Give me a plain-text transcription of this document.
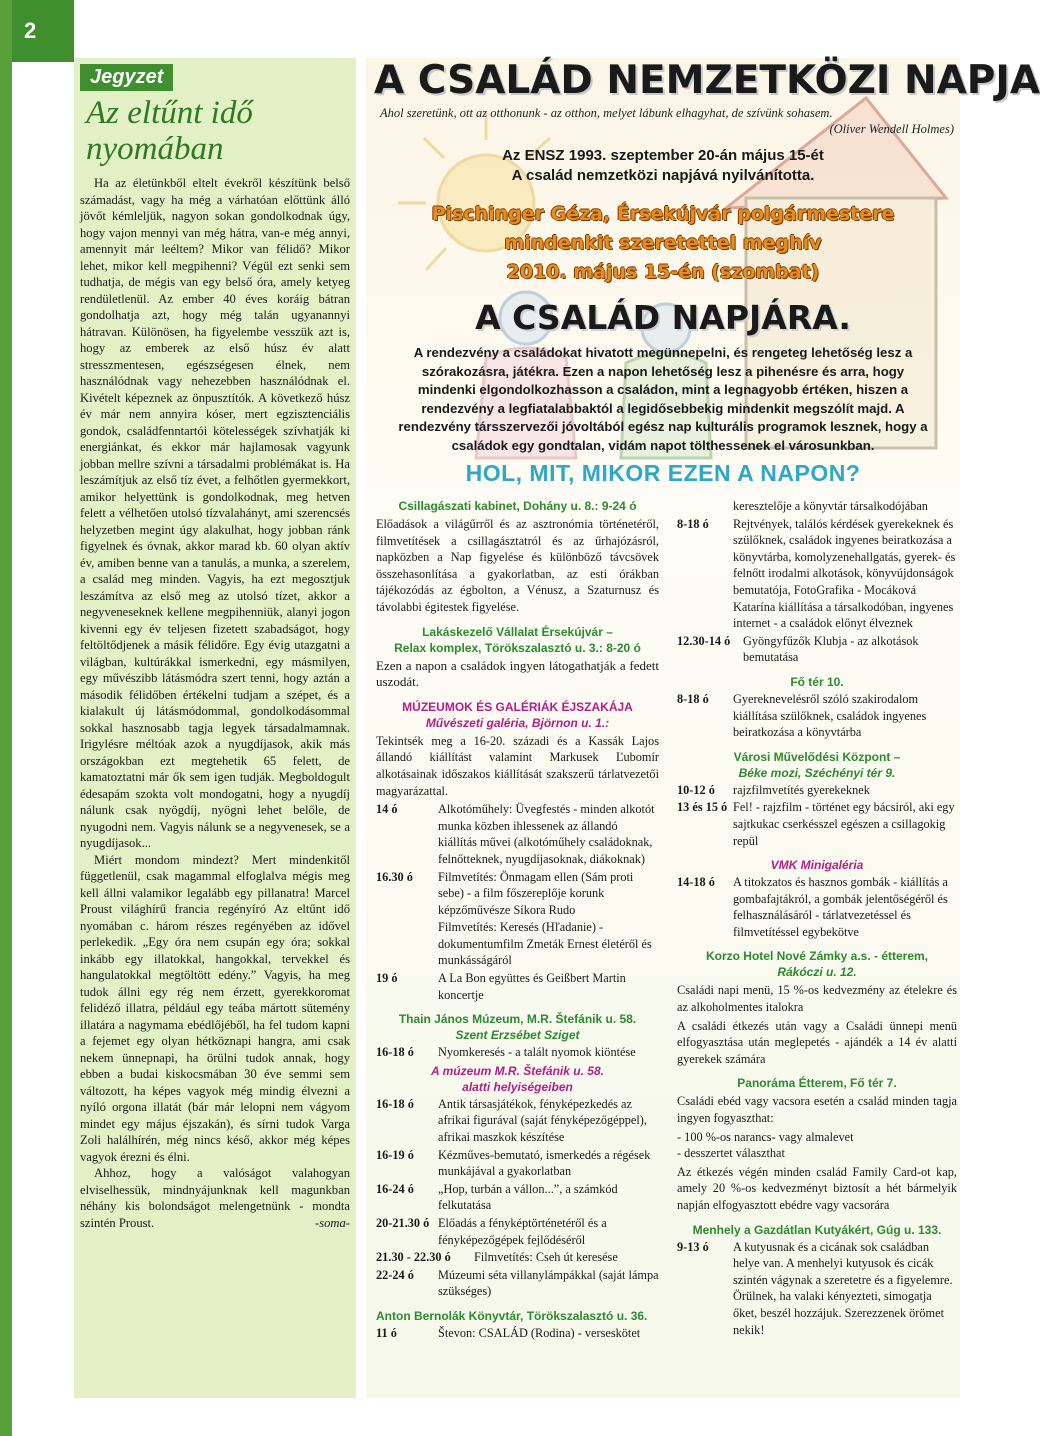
2
Jegyzet
Az eltűnt idő nyomában

Ha az életünkből eltelt évekről készítünk belső számadást, vagy ha még a várhatóan előttünk álló jövőt kémleljük, nagyon sokan gondolkodnak úgy, hogy vajon mennyi van még hátra, van-e még annyi, amennyit már leéltem? Mikor van félidő? Mikor lehet, mikor kell megpihenni? Végül ezt senki sem tudhatja, de mégis van egy belső óra, amely ketyeg rendületlenül. Az ember 40 éves koráig bátran gondolhatja azt, hogy még talán ugyanannyi hátravan. Különösen, ha figyelembe vesszük azt is, hogy az emberek az első húsz év alatt stresszmentesen, egészségesen élnek, nem használódnak vagy nehezebben használódnak el. Kivételt képeznek az önpusztítók. A következő húsz év már nem annyira kóser, mert egzisztenciális gondok, családfenntartói kötelességek szívhatják ki energiánkat, és ekkor már hajlamosak vagyunk jobban mellre szívni a társadalmi problémákat is. Ha leszámítjuk az első tíz évet, a felhőtlen gyermekkort, amikor helyettünk is gondolkodnak, meg hetven felett a vélhetően utolsó tízvalahányt, ami szerencsés helyzetben megint úgy alakulhat, hogy jobban ránk figyelnek és óvnak, akkor marad kb. 60 olyan aktív év, amiben benne van a tanulás, a munka, a szerelem, a család meg minden. Vagyis, ha ezt megosztjuk leszámítva az első meg az utolsó tízet, akkor a negyveneseknek kellene megpihenniük, alanyi jogon kivenni egy év teljesen fizetett szabadságot, hogy feltöltődjenek a másik félidőre. Egy évig utazgatni a világban, kultúrákkal ismerkedni, egy másmilyen, egy művészibb látásmódra szert tenni, hogy aztán a második félidőben értékelni tudjam a szépet, és a kialakult új látásmódommal, gondolkodásommal sokkal hasznosabb tagja legyek társadalmamnak. Irigylésre méltóak azok a nyugdíjasok, akik más országokban ezt megtehetik 65 felett, de kamatoztatni már ők sem igen tudják. Megboldogult édesapám szokta volt mondogatni, hogy a nyugdíj nálunk csak nyögdíj, nyögni lehet belőle, de nyugodni nem. Vagyis nálunk se a negyvenesek, se a nyugdíjasok...

Miért mondom mindezt? Mert mindenkitől függetlenül, csak magammal elfoglalva mégis meg kell állni valamikor legalább egy pillanatra! Marcel Proust világhírű francia regényíró Az eltűnt idő nyomában c. három részes regényében az idővel perlekedik. „Egy óra nem csupán egy óra; sokkal inkább egy illatokkal, hangokkal, tervekkel és hangulatokkal megtöltött edény.” Vagyis, ha meg tudok állni egy rég nem érzett, gyerekkoromat felidéző illatra, például egy teába mártott sütemény illatára a nagymama ebédlőjéből, ha fel tudom kapni a fejemet egy olyan hétköznapi hangra, ami csak nekem ünnepnapi, ha örülni tudok annak, hogy ebben a budai kiskocsmában 30 éve semmi sem változott, ha képes vagyok még mindig élvezni a nyíló orgona illatát (bár már lelopni nem vágyom mindet egy május éjszakán), és sírni tudok Varga Zoli halálhírén, még nincs késő, akkor még képes vagyok érezni és élni.

Ahhoz, hogy a valóságot valahogyan elviselhessük, mindnyájunknak kell magunkban néhány kis bolondságot melengetnünk - mondta szintén Proust.	-soma-

A CSALÁD NEMZETKÖZI NAPJA
Ahol szeretünk, ott az otthonunk - az otthon, melyet lábunk elhagyhat, de szívünk sohasem.
(Oliver Wendell Holmes)
Az ENSZ 1993. szeptember 20-án május 15-ét
A család nemzetközi napjává nyilvánította.
Pischinger Géza, Érsekújvár polgármestere
mindenkit szeretettel meghív
2010. május 15-én (szombat)
A CSALÁD NAPJÁRA.
A rendezvény a családokat hivatott megünnepelni, és rengeteg lehetőség lesz a szórakozásra, játékra. Ezen a napon lehetőség lesz a pihenésre és arra, hogy mindenki elgondolkozhasson a családon, mint a legnagyobb értéken, hiszen a rendezvény a legfiatalabbaktól a legidősebbekig mindenkit megszólít majd. A rendezvény társszervezői jóvoltából egész nap kulturális programok lesznek, hogy a családok egy gondtalan, vidám napot tölthessenek el városunkban.
HOL, MIT, MIKOR EZEN A NAPON?
Csillagászati kabinet, Dohány u. 8.: 9-24 ó
Előadások a világűrről és az asztronómia történetéről, filmvetítések a csillagásztatról és az űrhajózásról, napközben a Nap figyelése és különböző távcsövek összehasonlítása a gyakorlatban, az esti órákban tájékozódás az égbolton, a Vénusz, a Szaturnusz és távolabbi égitestek figyelése.
Lakáskezelő Vállalat Érsekújvár –
Relax komplex, Törökszalasztó u. 3.: 8-20 ó
Ezen a napon a családok ingyen látogathatják a fedett uszodát.
MÚZEUMOK ÉS GALÉRIÁK ÉJSZAKÁJA
Művészeti galéria, Björnon u. 1.:
Tekintsék meg a 16-20. századi és a Kassák Lajos állandó kiállítást valamint Markusek Ľubomír alkotásainak időszakos kiállítását szakszerű tárlatvezetői magyarázattal.
14 ó	Alkotóműhely: Üvegfestés - minden alkotót munka közben ihlessenek az állandó kiállítás művei (alkotóműhely családoknak, felnőtteknek, nyugdíjasoknak, diákoknak)
16.30 ó	Filmvetítés: Önmagam ellen (Sám proti sebe) - a film főszereplője korunk képzőművésze Síkora Rudo
Filmvetítés: Keresés (Hľadanie) - dokumentumfilm Zmeták Ernest életéről és munkásságáról
19 ó	A La Bon együttes és Geißbert Martin koncertje
Thain János Múzeum, M.R. Štefánik u. 58.
Szent Erzsébet Sziget
16-18 ó	Nyomkeresés - a talált nyomok kiöntése
A múzeum M.R. Štefánik u. 58.
alatti helyiségeiben
16-18 ó	Antik társasjátékok, fényképezkedés az afrikai figurával (saját fényképezőgéppel), afrikai maszkok készítése
16-19 ó	Kézműves-bemutató, ismerkedés a régések munkájával a gyakorlatban
16-24 ó	„Hop, turbán a vállon...”, a számkód felkutatása
20-21.30 ó Előadás a fényképtörténetéről és a fényképezőgépek fejlődéséről
21.30 - 22.30 ó	Filmvetítés: Cseh út keresése
22-24 ó	Múzeumi séta villanylámpákkal (saját lámpa szükséges)
Anton Bernolák Könyvtár, Törökszalasztó u. 36.
11 ó	Števon: CSALÁD (Rodina) - verseskötet
keresztelője a könyvtár társalkodójában
8-18 ó	Rejtvények, találós kérdések gyerekeknek és szülőknek, családok ingyenes beiratkozása a könyvtárba, komolyzenehallgatás, gyerek- és felnőtt irodalmi alkotások, könyvújdonságok bemutatója, FotoGrafika - Mocáková Katarína kiállítása a társalkodóban, ingyenes internet - a családok előnyt élveznek
12.30-14 ó	Gyöngyfűzők Klubja - az alkotások bemutatása
Fő tér 10.
8-18 ó	Gyereknevelésről szóló szakirodalom kiállítása szülőknek, családok ingyenes beiratkozása a könyvtárba
Városi Művelődési Központ –
Béke mozi, Széchényi tér 9.
10-12 ó	rajzfilmvetítés gyerekeknek
13 és 15 ó Fel! - rajzfilm - történet egy bácsiról, aki egy sajtkukac cserkésszel egészen a csillagokig repül
VMK Minigaléria
14-18 ó	A titokzatos és hasznos gombák - kiállítás a gombafajtákról, a gombák jelentőségéről és felhasználásáról - tárlatvezetéssel és filmvetítéssel egybekötve
Korzo Hotel Nové Zámky a.s. - étterem,
Rákóczi u. 12.
Családi napi menü, 15 %-os kedvezmény az ételekre és az alkoholmentes italokra
A családi étkezés után vagy a Családi ünnepi menü elfogyasztása után meglepetés - ajándék a 14 év alatti gyerekek számára
Panoráma Étterem, Fő tér 7.
Családi ebéd vagy vacsora esetén a család minden tagja ingyen fogyaszthat:
- 100 %-os narancs- vagy almalevet
- desszertet választhat
Az étkezés végén minden család Family Card-ot kap, amely 20 %-os kedvezményt biztosít a hét bármelyik napján elfogyasztott ebédre vagy vacsorára
Menhely a Gazdátlan Kutyákért, Gúg u. 133.
9-13 ó	A kutyusnak és a cicának sok családban helye van. A menhelyi kutyusok és cicák szintén vágynak a szeretetre és a figyelemre. Örülnek, ha valaki kényezteti, simogatja őket, beszél hozzájuk. Szerezzenek örömet nekik!
